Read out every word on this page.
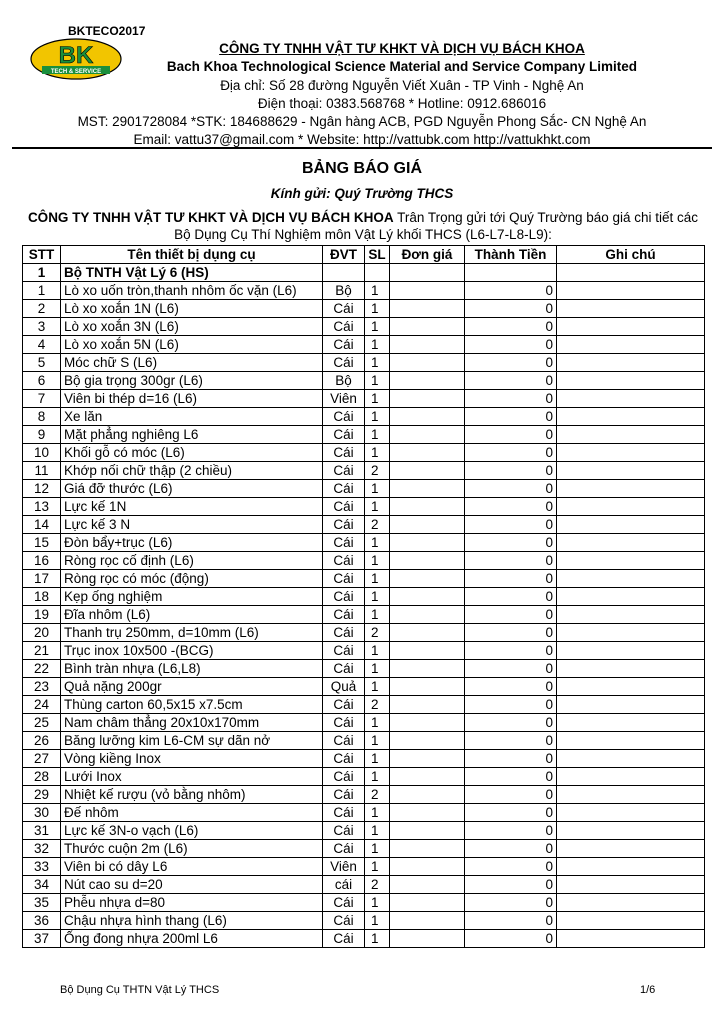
BKTECO2017
BK
TECH & SERVICE
CÔNG TY TNHH VẬT TƯ KHKT VÀ DỊCH VỤ BÁCH KHOA
Bach Khoa Technological Science Material and Service Company Limited
Địa chỉ: Số 28 đường Nguyễn Viết Xuân - TP Vinh - Nghệ An
Điện thoại: 0383.568768 * Hotline: 0912.686016
MST: 2901728084 *STK: 184688629 - Ngân hàng ACB, PGD Nguyễn Phong Sắc- CN Nghệ An
Email: vattu37@gmail.com * Website: http://vattubk.com http://vattukhkt.com
BẢNG BÁO GIÁ
Kính gửi: Quý Trường THCS
CÔNG TY TNHH VẬT TƯ KHKT VÀ DỊCH VỤ BÁCH KHOA Trân Trọng gửi tới Quý Trường báo giá chi tiết các Bộ Dụng Cụ Thí Nghiệm môn Vật Lý khối THCS (L6-L7-L8-L9):
STT	Tên thiết bị dụng cụ	ĐVT	SL	Đơn giá	Thành Tiền	Ghi chú
1	Bộ TNTH Vật Lý 6 (HS)					
1	Lò xo uốn tròn,thanh nhôm ốc vặn (L6)	Bộ	1		0	
2	Lò xo xoắn 1N (L6)	Cái	1		0	
3	Lò xo xoắn 3N (L6)	Cái	1		0	
4	Lò xo xoắn 5N (L6)	Cái	1		0	
5	Móc chữ S (L6)	Cái	1		0	
6	Bộ gia trọng 300gr (L6)	Bộ	1		0	
7	Viên bi thép d=16 (L6)	Viên	1		0	
8	Xe lăn	Cái	1		0	
9	Mặt phẳng nghiêng L6	Cái	1		0	
10	Khối gỗ có móc (L6)	Cái	1		0	
11	Khớp nối chữ thập (2 chiều)	Cái	2		0	
12	Giá đỡ thước (L6)	Cái	1		0	
13	Lực kế 1N	Cái	1		0	
14	Lực kế 3 N	Cái	2		0	
15	Đòn bẩy+trục (L6)	Cái	1		0	
16	Ròng rọc cố định (L6)	Cái	1		0	
17	Ròng rọc có móc (động)	Cái	1		0	
18	Kẹp ống nghiệm	Cái	1		0	
19	Đĩa nhôm (L6)	Cái	1		0	
20	Thanh trụ 250mm, d=10mm (L6)	Cái	2		0	
21	Trục inox 10x500 -(BCG)	Cái	1		0	
22	Bình tràn nhựa (L6,L8)	Cái	1		0	
23	Quả nặng 200gr	Quả	1		0	
24	Thùng carton 60,5x15 x7.5cm	Cái	2		0	
25	Nam châm thẳng 20x10x170mm	Cái	1		0	
26	Băng lưỡng kim L6-CM sự dãn nở	Cái	1		0	
27	Vòng kiềng Inox	Cái	1		0	
28	Lưới Inox	Cái	1		0	
29	Nhiệt kế rượu (vỏ bằng nhôm)	Cái	2		0	
30	Đế nhôm	Cái	1		0	
31	Lực kế 3N-o vạch (L6)	Cái	1		0	
32	Thước cuộn 2m (L6)	Cái	1		0	
33	Viên bi có dây L6	Viên	1		0	
34	Nút cao su d=20	cái	2		0	
35	Phễu nhựa d=80	Cái	1		0	
36	Chậu nhựa hình thang (L6)	Cái	1		0	
37	Ống đong nhựa 200ml L6	Cái	1		0	
Bộ Dụng Cụ THTN Vật Lý THCS	1/6
